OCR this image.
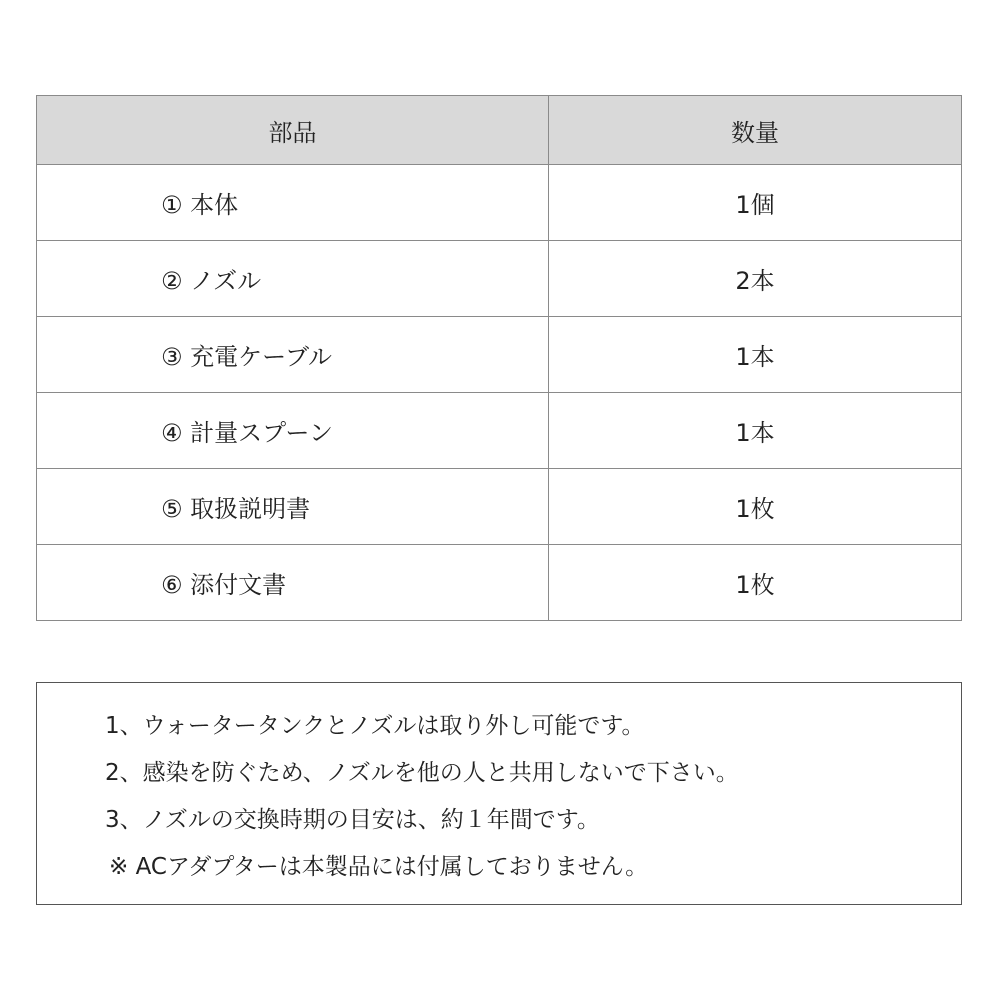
部品	数量
① 本体	1個
② ノズル	2本
③ 充電ケーブル	1本
④ 計量スプーン	1本
⑤ 取扱説明書	1枚
⑥ 添付文書	1枚
1、ウォータータンクとノズルは取り外し可能です。
2、感染を防ぐため、ノズルを他の人と共用しないで下さい。
3、ノズルの交換時期の目安は、約１年間です。
※ ACアダプターは本製品には付属しておりません。
